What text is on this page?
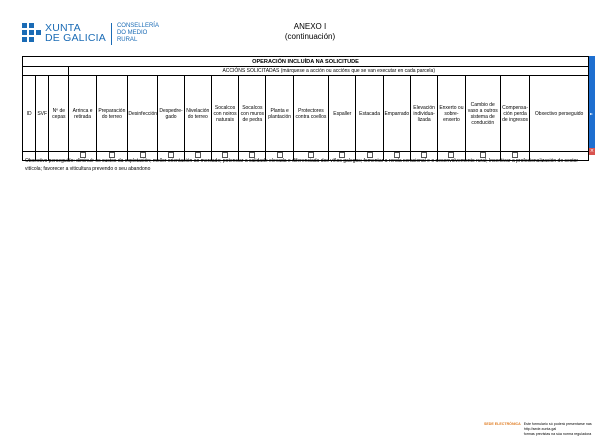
XUNTA
DE GALICIA
CONSELLERÍA
DO MEDIO
RURAL
ANEXO I
(continuación)
OPERACIÓN INCLUÍDA NA SOLICITUDE																			
			ACCIÓNS SOLICITADAS (márquese a acción ou accións que se van executar en cada parcela)																
ID	SVF	Nº de cepas	Arrinca e retirada	Preparación do terreo	Desinfección	Despedre-gado	Nivelación do terreo	Socalcos con noiros naturais	Socalcos con muros de pedra	Planta e plantación	Protectores contra coellos	Espaller	Estacada	Emparrado	Elevación individua-lizada	Enxerto ou sobre-enxerto	Cambio de vaso a outros sistema de condución	Compensa-ción perda de ingresos	Obxectivo perseguido
																			►
×
Obxectivo perseguido: diminuír os custos da explotación; mellor orientación ao mercado; potenciar a calidade elevada e diferenciada dos viños galegos; fomentar a renda xeracional e o desenvolvemento rural; Incentivar a profesionalización do sector vitícola; favorecer a viticultura prevendo o seu abandono
SEDE ELECTRÓNICA Este formulario só poderá presentarse nas
http://sede.xunta.gal
formas previstas na súa norma reguladora
